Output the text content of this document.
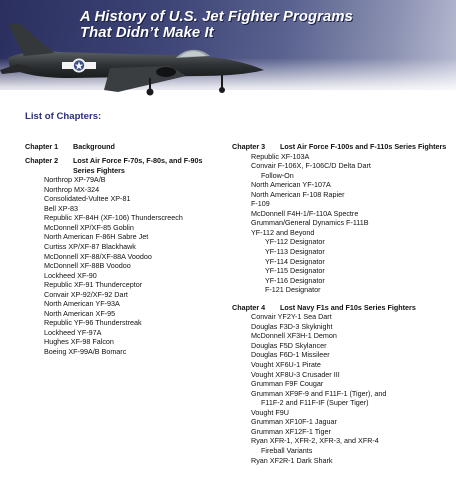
A History of U.S. Jet Fighter Programs
That Didn’t Make It
List of Chapters:
Chapter 1	Background
Chapter 2	Lost Air Force F-70s, F-80s, and F-90s Series Fighters
Northrop XP-79A/B
Northrop MX-324
Consolidated-Vultee XP-81
Bell XP-83
Republic XF-84H (XF-106) Thunderscreech
McDonnell XP/XF-85 Goblin
North American F-86H Sabre Jet
Curtiss XP/XF-87 Blackhawk
McDonnell XF-88/XF-88A Voodoo
McDonnell XF-88B Voodoo
Lockheed XF-90
Republic XF-91 Thunderceptor
Convair XP-92/XF-92 Dart
North American YF-93A
North American XF-95
Republic YF-96 Thunderstreak
Lockheed YF-97A
Hughes XF-98 Falcon
Boeing XF-99A/B Bomarc
Chapter 3	Lost Air Force F-100s and F-110s Series Fighters
Republic XF-103A
Convair F-106X, F-106C/D Delta Dart
Follow-On
North American YF-107A
North American F-108 Rapier
F-109
McDonnell F4H-1/F-110A Spectre
Grumman/General Dynamics F-111B
YF-112 and Beyond
YF-112 Designator
YF-113 Designator
YF-114 Designator
YF-115 Designator
YF-116 Designator
F-121 Designator
Chapter 4	Lost Navy F1s and F10s Series Fighters
Convair YF2Y-1 Sea Dart
Douglas F3D-3 Skyknight
McDonnell XF3H-1 Demon
Douglas F5D Skylancer
Douglas F6D-1 Missileer
Vought XF6U-1 Pirate
Vought XF8U-3 Crusader III
Grumman F9F Cougar
Grumman XF9F-9 and F11F-1 (Tiger), and
F11F-2 and F11F-IF (Super Tiger)
Vought F9U
Grumman XF10F-1 Jaguar
Grumman XF12F-1 Tiger
Ryan XFR-1, XFR-2, XFR-3, and XFR-4
Fireball Variants
Ryan XF2R-1 Dark Shark
